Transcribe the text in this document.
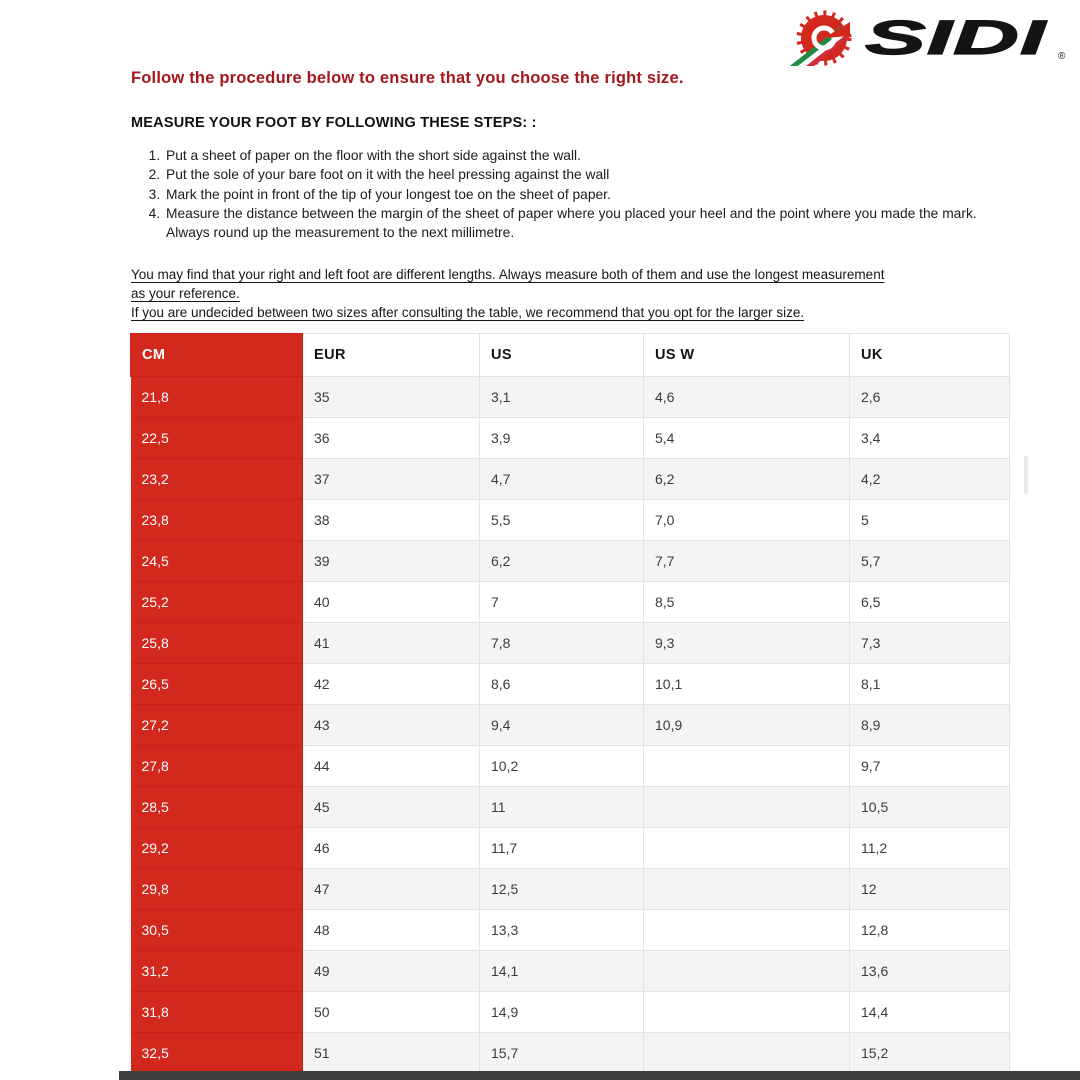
SIDI ®
Follow the procedure below to ensure that you choose the right size.
MEASURE YOUR FOOT BY FOLLOWING THESE STEPS: :
1. Put a sheet of paper on the floor with the short side against the wall.
2. Put the sole of your bare foot on it with the heel pressing against the wall
3. Mark the point in front of the tip of your longest toe on the sheet of paper.
4. Measure the distance between the margin of the sheet of paper where you placed your heel and the point where you made the mark. Always round up the measurement to the next millimetre.
You may find that your right and left foot are different lengths. Always measure both of them and use the longest measurement
as your reference.
If you are undecided between two sizes after consulting the table, we recommend that you opt for the larger size.
CM	EUR	US	US W	UK
21,8	35	3,1	4,6	2,6
22,5	36	3,9	5,4	3,4
23,2	37	4,7	6,2	4,2
23,8	38	5,5	7,0	5
24,5	39	6,2	7,7	5,7
25,2	40	7	8,5	6,5
25,8	41	7,8	9,3	7,3
26,5	42	8,6	10,1	8,1
27,2	43	9,4	10,9	8,9
27,8	44	10,2		9,7
28,5	45	11		10,5
29,2	46	11,7		11,2
29,8	47	12,5		12
30,5	48	13,3		12,8
31,2	49	14,1		13,6
31,8	50	14,9		14,4
32,5	51	15,7		15,2
